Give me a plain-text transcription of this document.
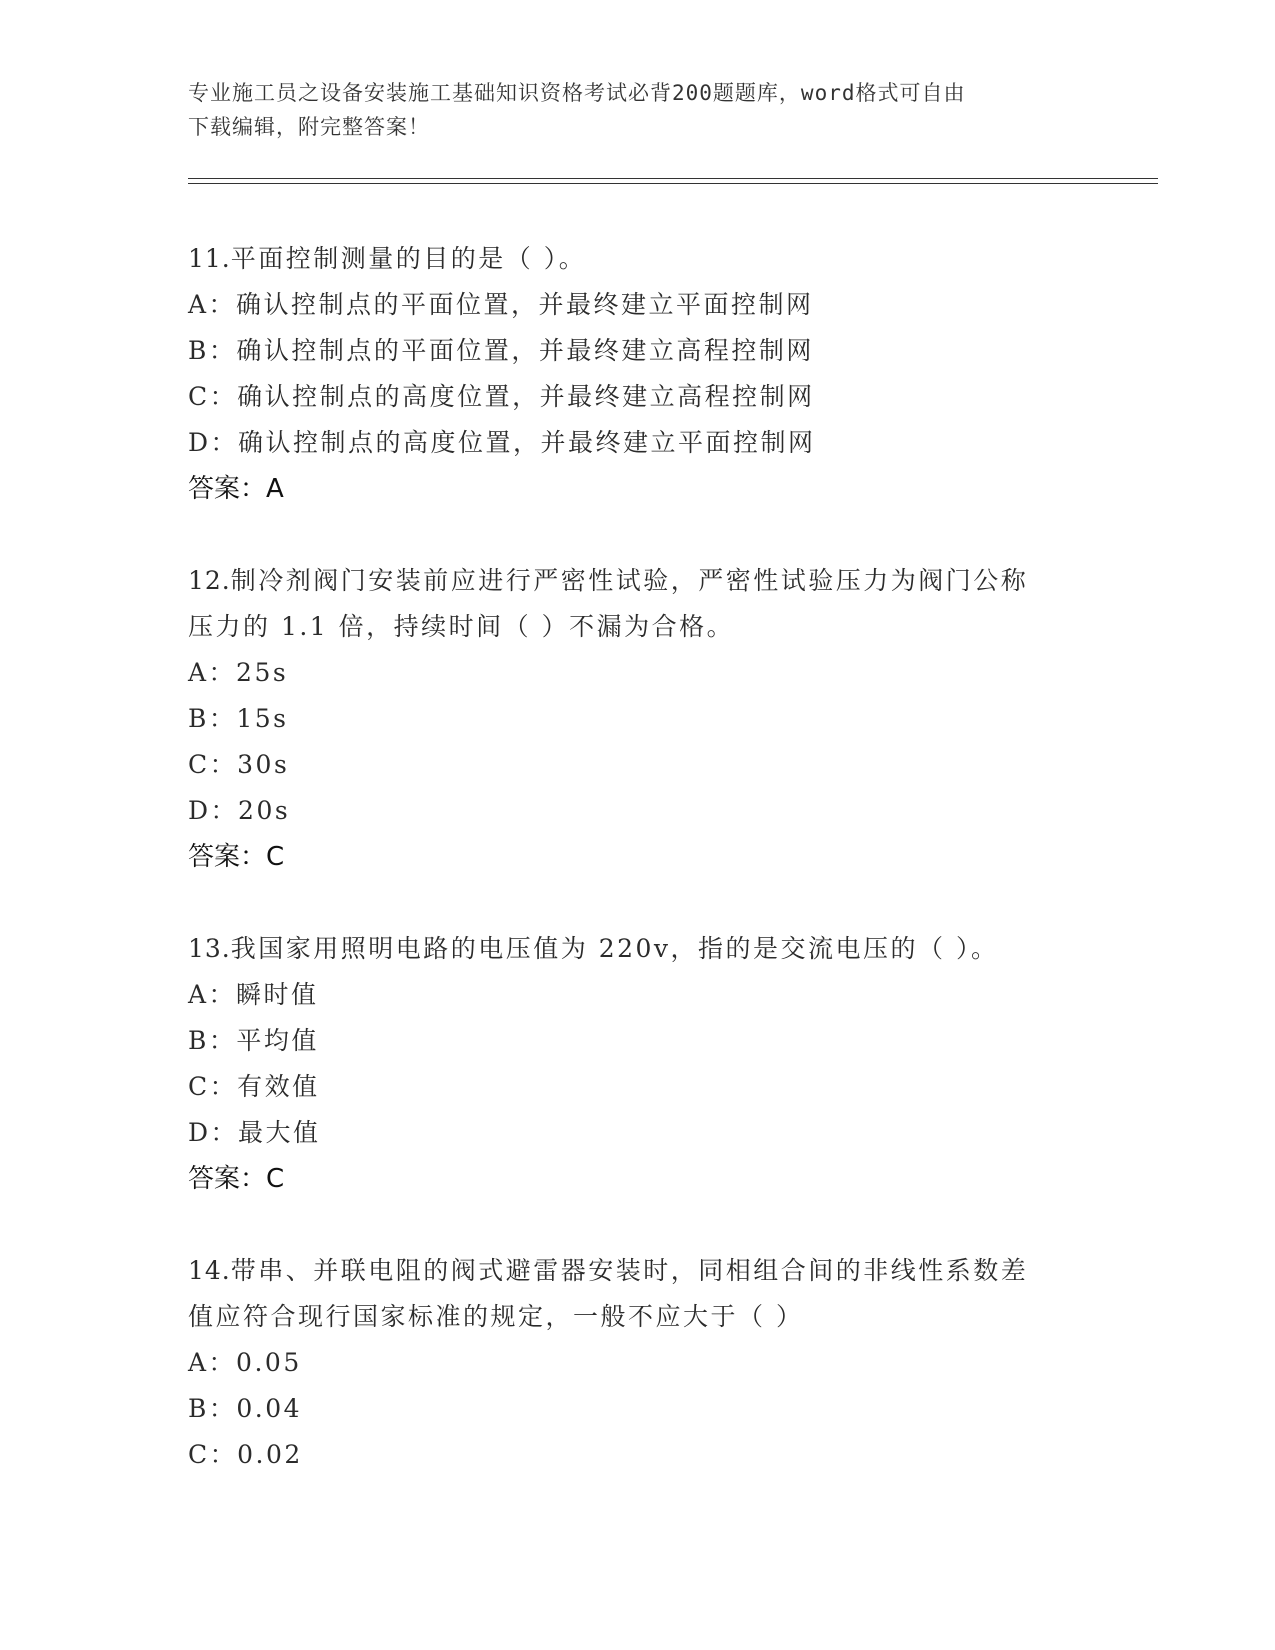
专业施工员之设备安装施工基础知识资格考试必背200题题库，word格式可自由
下载编辑，附完整答案！
11.平面控制测量的目的是（ ）。
A：确认控制点的平面位置，并最终建立平面控制网
B：确认控制点的平面位置，并最终建立高程控制网
C：确认控制点的高度位置，并最终建立高程控制网
D：确认控制点的高度位置，并最终建立平面控制网
答案：A
12.制冷剂阀门安装前应进行严密性试验，严密性试验压力为阀门公称
压力的 1.1 倍，持续时间（ ）不漏为合格。
A：25s
B：15s
C：30s
D：20s
答案：C
13.我国家用照明电路的电压值为 220v，指的是交流电压的（ ）。
A：瞬时值
B：平均值
C：有效值
D：最大值
答案：C
14.带串、并联电阻的阀式避雷器安装时，同相组合间的非线性系数差
值应符合现行国家标准的规定，一般不应大于（ ）
A：0.05
B：0.04
C：0.02
